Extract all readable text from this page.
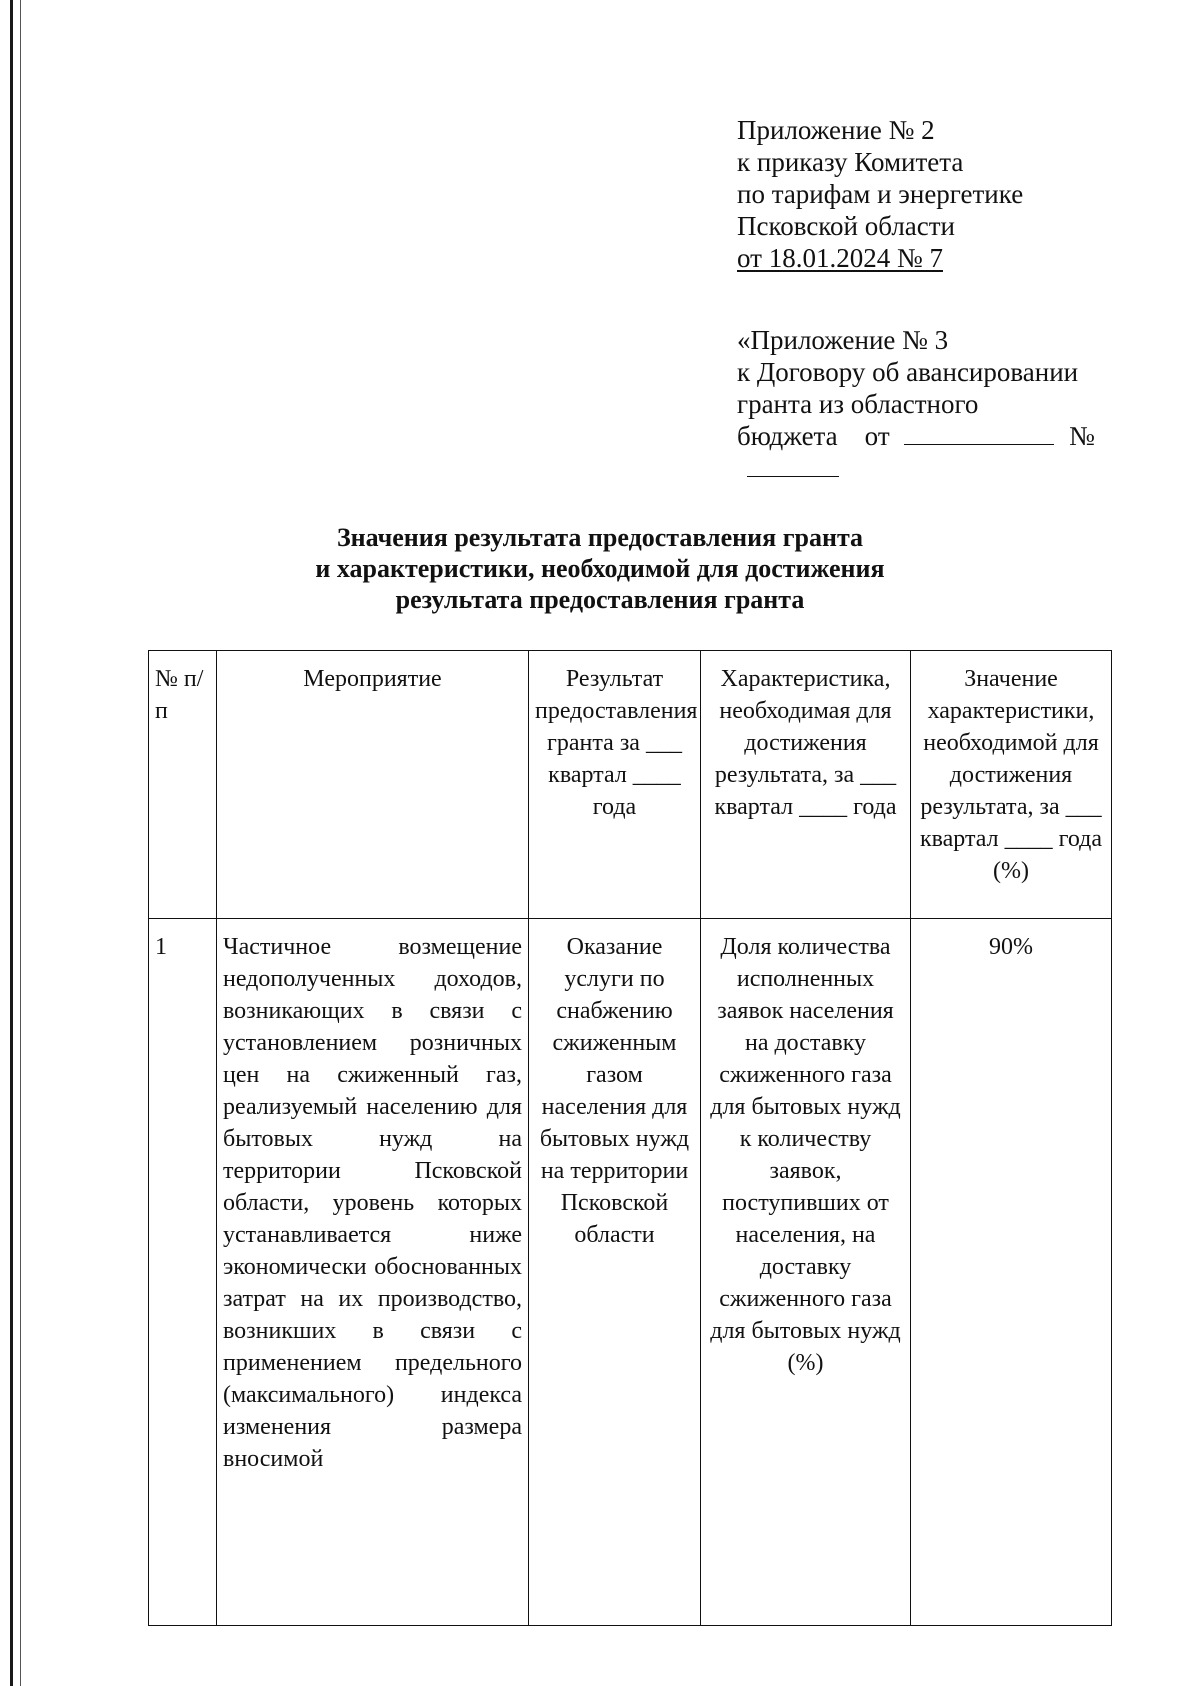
Приложение № 2
к приказу Комитета
по тарифам и энергетике
Псковской области
от 18.01.2024 № 7
«Приложение № 3
к Договору об авансировании
гранта из областного
бюджета    от	№
Значения результата предоставления гранта
и характеристики, необходимой для достижения
результата предоставления гранта
№ п/п	Мероприятие	Результат предоставления гранта за ___ квартал ____ года	Характеристика, необходимая для достижения результата, за ___ квартал ____ года	Значение характеристики, необходимой для достижения результата, за ___ квартал ____ года (%)
1	Частичное возмещение недополученных доходов, возникающих в связи с установлением розничных цен на сжиженный газ, реализуемый населению для бытовых нужд на территории Псковской области, уровень которых устанавливается ниже экономически обоснованных затрат на их производство, возникших в связи с применением предельного (максимального) индекса изменения размера вносимой	Оказание услуги по снабжению сжиженным газом населения для бытовых нужд на территории Псковской области	Доля количества исполненных заявок населения на доставку сжиженного газа для бытовых нужд к количеству заявок, поступивших от населения, на доставку сжиженного газа для бытовых нужд (%)	90%
